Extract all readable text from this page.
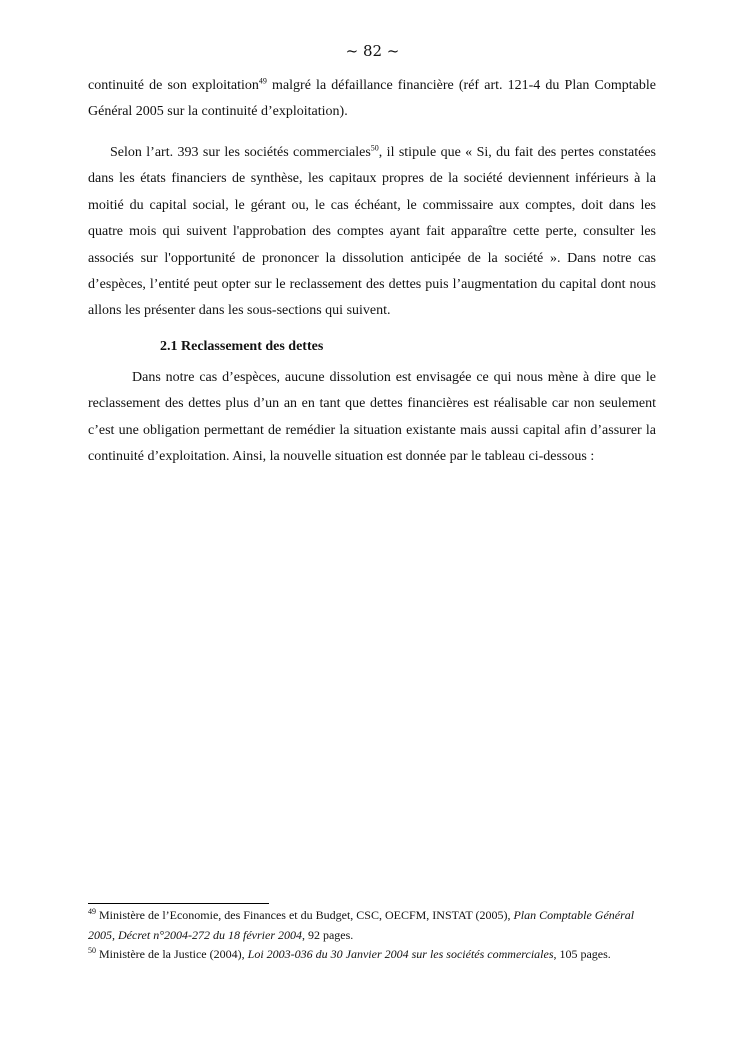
~ 82 ~

continuité de son exploitation$^{49}$ malgré la défaillance financière (réf art. 121-4 du Plan Comptable Général 2005 sur la continuité d’exploitation).

Selon l’art. 393 sur les sociétés commerciales$^{50}$, il stipule que « Si, du fait des pertes constatées dans les états financiers de synthèse, les capitaux propres de la société deviennent inférieurs à la moitié du capital social, le gérant ou, le cas échéant, le commissaire aux comptes, doit dans les quatre mois qui suivent l'approbation des comptes ayant fait apparaître cette perte, consulter les associés sur l'opportunité de prononcer la dissolution anticipée de la société ». Dans notre cas d’espèces, l’entité peut opter sur le reclassement des dettes puis l’augmentation du capital dont nous allons les présenter dans les sous-sections qui suivent.

2.1 Reclassement des dettes

Dans notre cas d’espèces, aucune dissolution est envisagée ce qui nous mène à dire que le reclassement des dettes plus d’un an en tant que dettes financières est réalisable car non seulement c’est une obligation permettant de remédier la situation existante mais aussi capital afin d’assurer la continuité d’exploitation. Ainsi, la nouvelle situation est donnée par le tableau ci-dessous :

$^{49}$ Ministère de l’Economie, des Finances et du Budget, CSC, OECFM, INSTAT (2005), Plan Comptable Général 2005, Décret n°2004-272 du 18 février 2004, 92 pages.

$^{50}$ Ministère de la Justice (2004), Loi 2003-036 du 30 Janvier 2004 sur les sociétés commerciales, 105 pages.
